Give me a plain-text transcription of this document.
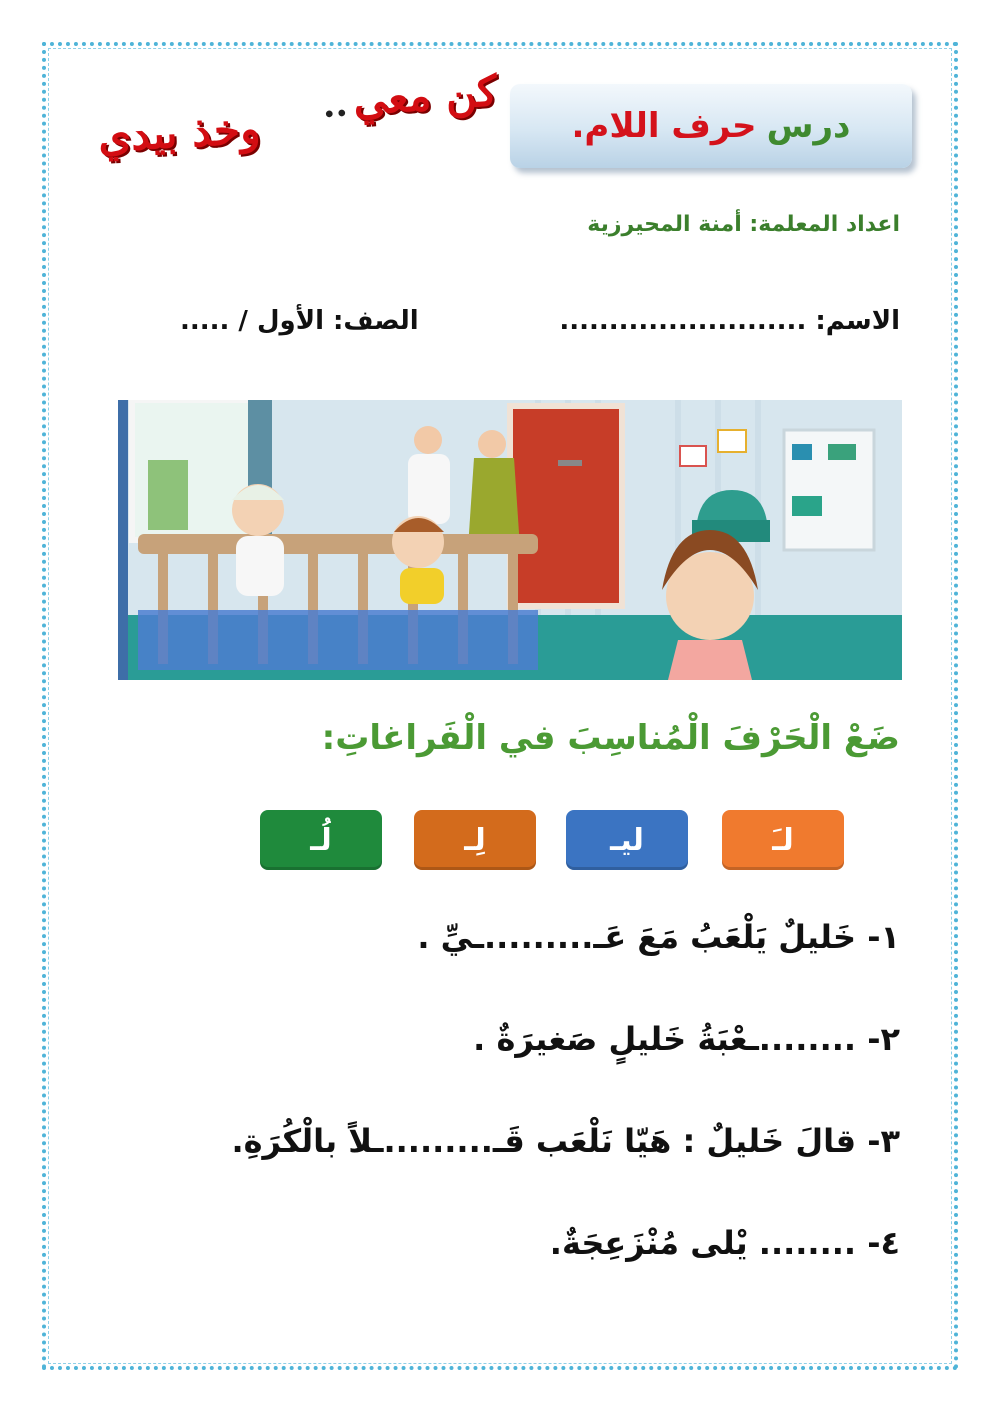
كن معي..
وخذ بيدي	درس
حرف اللام.
اعداد المعلمة: أمنة المحيرزية
الاسم: .........................
الصف: الأول / .....
ضَعْ الْحَرْفَ الْمُناسِبَ في الْفَراغاتِ:
لـَ
ليـ
لِـ
لُـ
١- خَليلٌ يَلْعَبُ مَعَ عَـ.........ـيِّ .
٢- ........ـعْبَةُ خَليلٍ صَغيرَةٌ .
٣- قالَ خَليلٌ : هَيّا نَلْعَب قَـ.........ـلاً بالْكُرَةِ.
٤- ........ يْلى مُنْزَعِجَةٌ.
